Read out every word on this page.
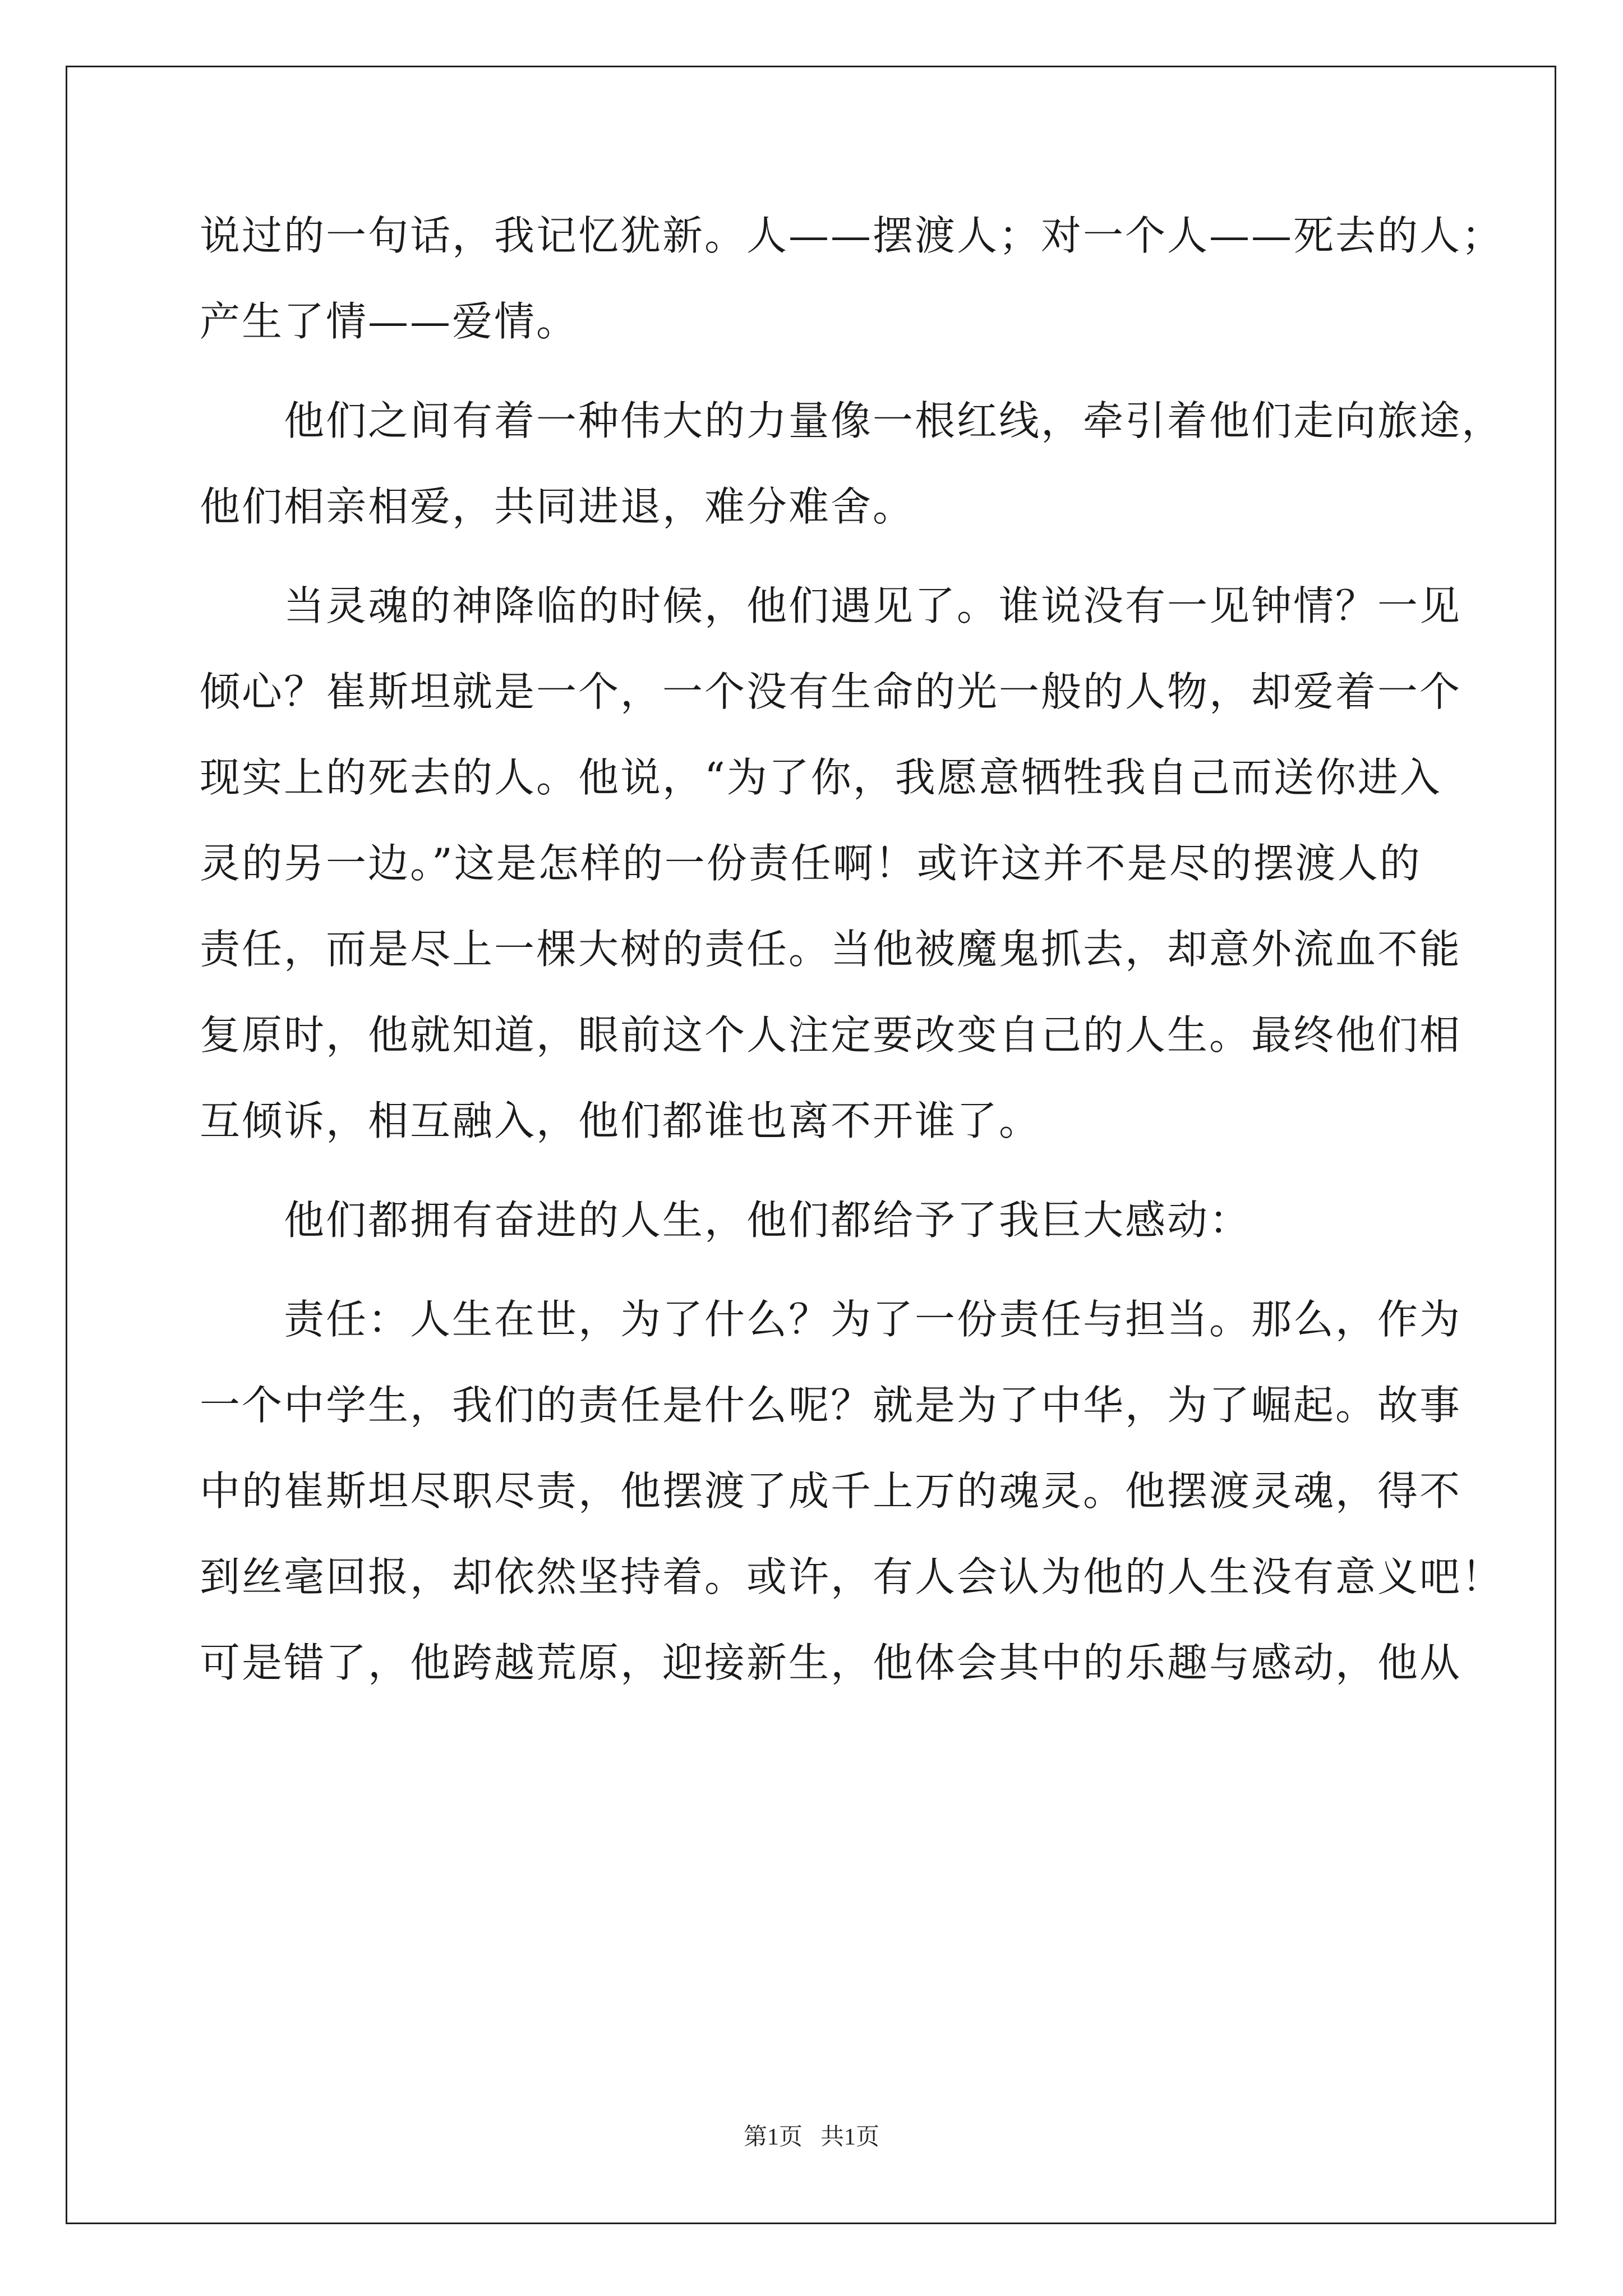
说过的一句话，我记忆犹新。人——摆渡人；对一个人——死去的人；
产生了情——爱情。
　　他们之间有着一种伟大的力量像一根红线，牵引着他们走向旅途，
他们相亲相爱，共同进退，难分难舍。
　　当灵魂的神降临的时候，他们遇见了。谁说没有一见钟情？一见
倾心？崔斯坦就是一个，一个没有生命的光一般的人物，却爱着一个
现实上的死去的人。他说，“为了你，我愿意牺牲我自己而送你进入
灵的另一边。”这是怎样的一份责任啊！或许这并不是尽的摆渡人的
责任，而是尽上一棵大树的责任。当他被魔鬼抓去，却意外流血不能
复原时，他就知道，眼前这个人注定要改变自己的人生。最终他们相
互倾诉，相互融入，他们都谁也离不开谁了。
　　他们都拥有奋进的人生，他们都给予了我巨大感动：
　　责任：人生在世，为了什么？为了一份责任与担当。那么，作为
一个中学生，我们的责任是什么呢？就是为了中华，为了崛起。故事
中的崔斯坦尽职尽责，他摆渡了成千上万的魂灵。他摆渡灵魂，得不
到丝毫回报，却依然坚持着。或许，有人会认为他的人生没有意义吧！
可是错了，他跨越荒原，迎接新生，他体会其中的乐趣与感动，他从
第1页 共1页
